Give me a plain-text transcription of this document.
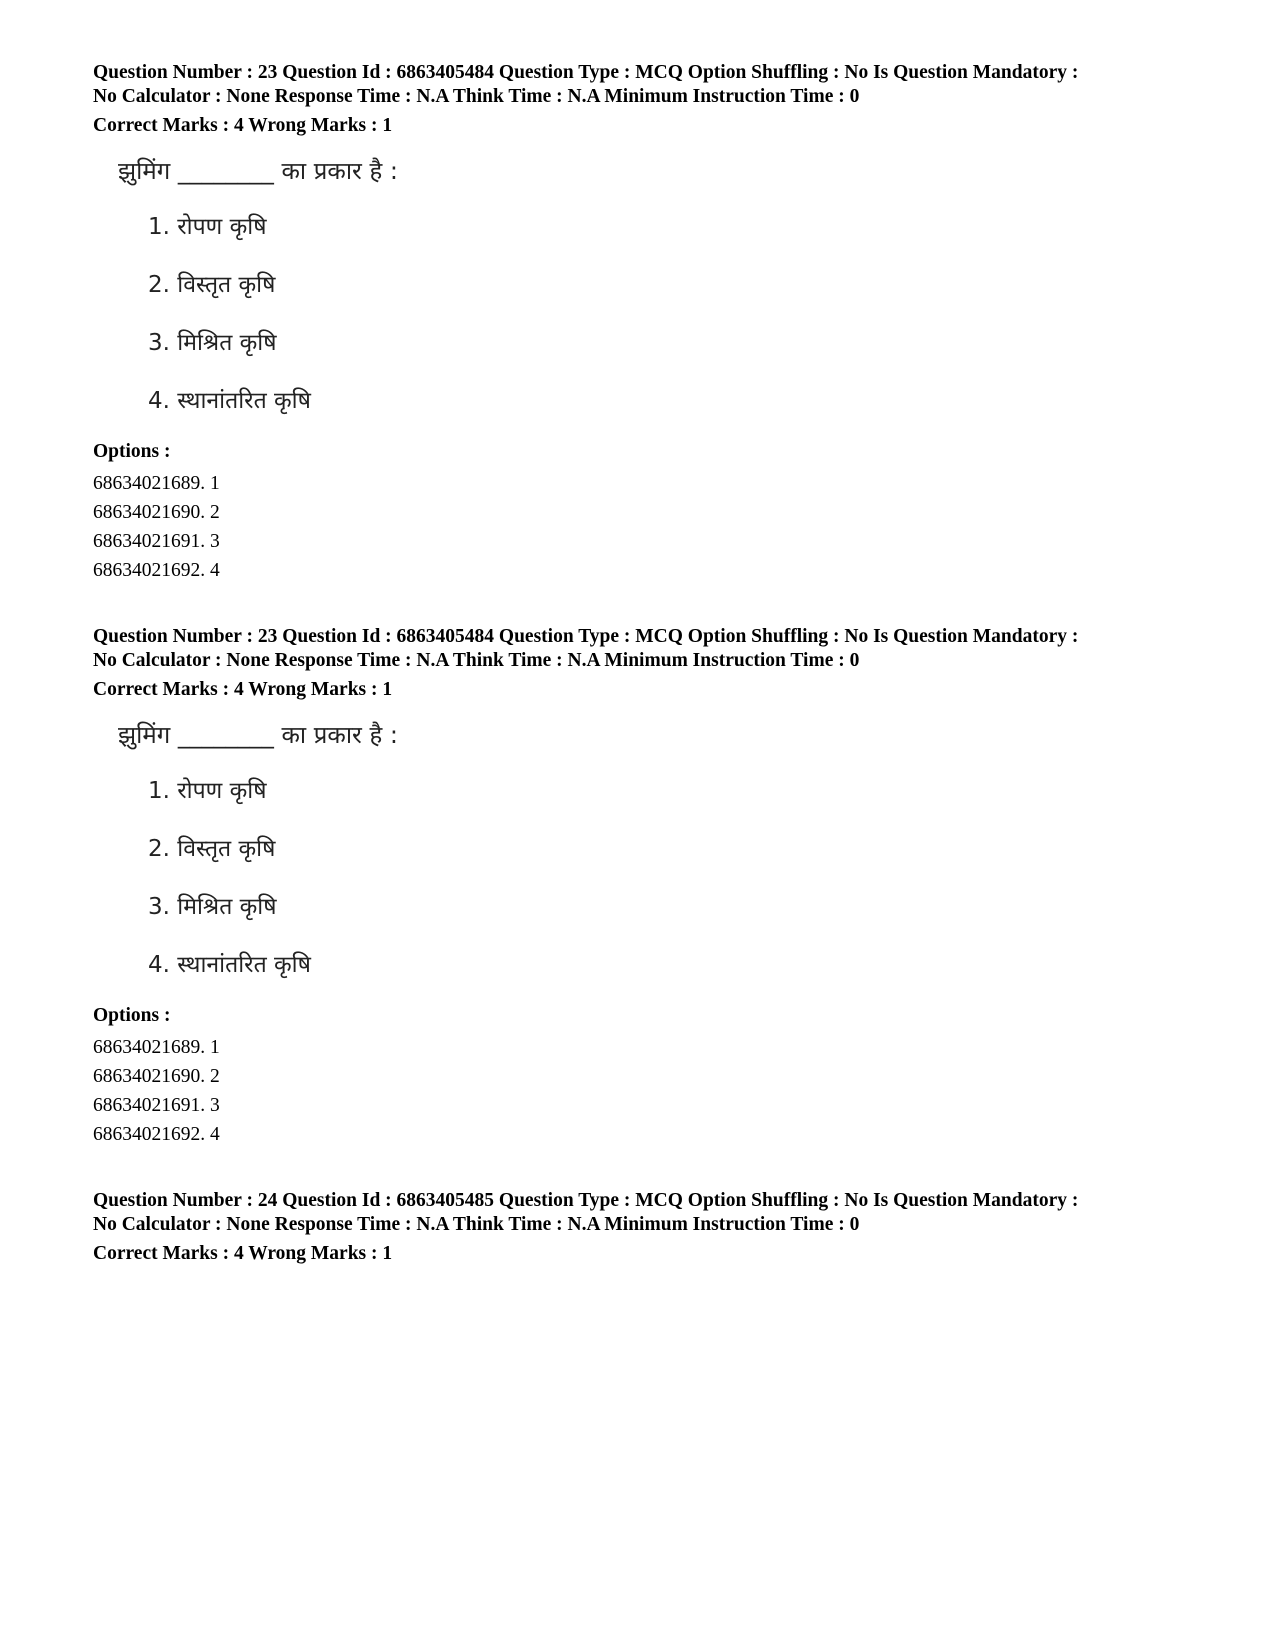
Question Number : 23 Question Id : 6863405484 Question Type : MCQ Option Shuffling : No Is Question Mandatory :

No Calculator : None Response Time : N.A Think Time : N.A Minimum Instruction Time : 0

Correct Marks : 4 Wrong Marks : 1

झुमिंग ________ का प्रकार है :
1. रोपण कृषि
2. विस्तृत कृषि
3. मिश्रित कृषि
4. स्थानांतरित कृषि

Options :

68634021689. 1

68634021690. 2

68634021691. 3

68634021692. 4

Question Number : 23 Question Id : 6863405484 Question Type : MCQ Option Shuffling : No Is Question Mandatory :

No Calculator : None Response Time : N.A Think Time : N.A Minimum Instruction Time : 0

Correct Marks : 4 Wrong Marks : 1

झुमिंग ________ का प्रकार है :
1. रोपण कृषि
2. विस्तृत कृषि
3. मिश्रित कृषि
4. स्थानांतरित कृषि

Options :

68634021689. 1

68634021690. 2

68634021691. 3

68634021692. 4

Question Number : 24 Question Id : 6863405485 Question Type : MCQ Option Shuffling : No Is Question Mandatory :

No Calculator : None Response Time : N.A Think Time : N.A Minimum Instruction Time : 0

Correct Marks : 4 Wrong Marks : 1
